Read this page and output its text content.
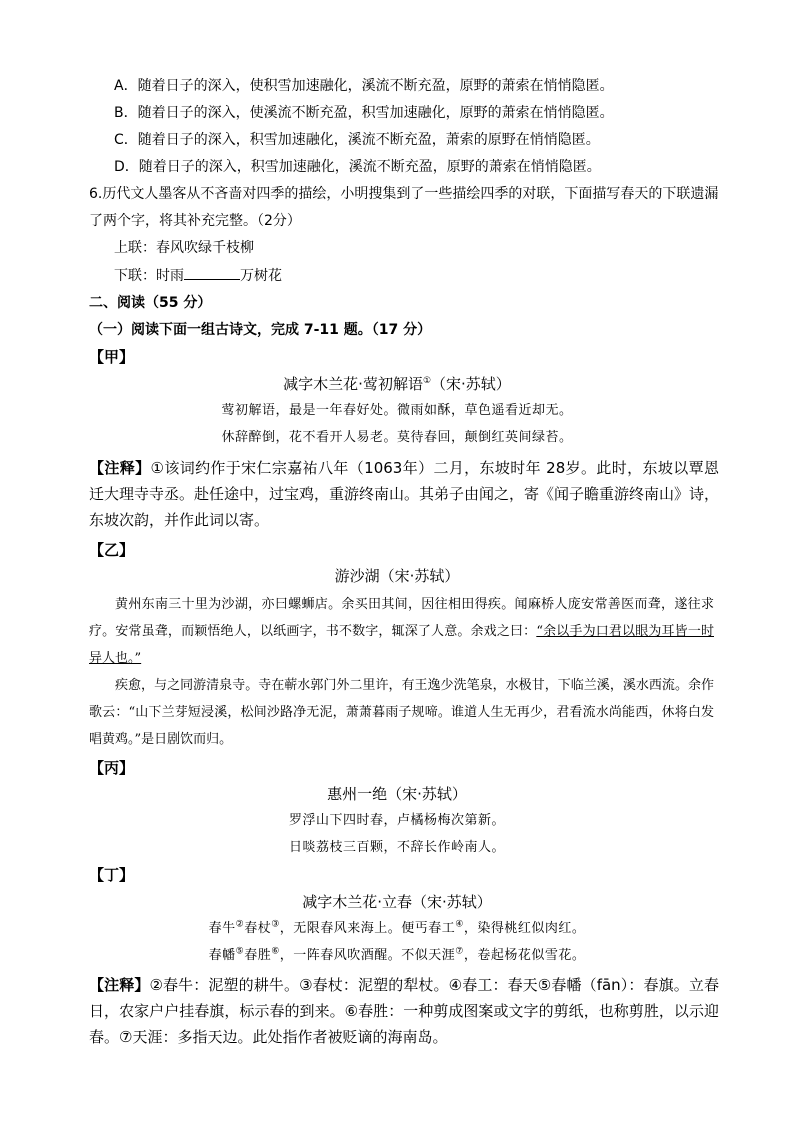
A．随着日子的深入，使积雪加速融化，溪流不断充盈，原野的萧索在悄悄隐匿。
B．随着日子的深入，使溪流不断充盈，积雪加速融化，原野的萧索在悄悄隐匿。
C．随着日子的深入，积雪加速融化，溪流不断充盈，萧索的原野在悄悄隐匿。
D．随着日子的深入，积雪加速融化，溪流不断充盈，原野的萧索在悄悄隐匿。
6.历代文人墨客从不吝啬对四季的描绘，小明搜集到了一些描绘四季的对联，下面描写春天的下联遗漏
了两个字，将其补充完整。（2分）
上联：春风吹绿千枝柳
下联：时雨	万树花
二、阅读（55 分）
（一）阅读下面一组古诗文，完成 7-11 题。（17 分）
【甲】
减字木兰花·莺初解语①（宋·苏轼）
莺初解语，最是一年春好处。微雨如酥，草色遥看近却无。
休辞醉倒，花不看开人易老。莫待春回，颠倒红英间绿苔。
【注释】①该词约作于宋仁宗嘉祐八年（1063年）二月，东坡时年 28岁。此时，东坡以覃恩迁大理寺寺丞。赴任途中，过宝鸡，重游终南山。其弟子由闻之，寄《闻子瞻重游终南山》诗，东坡次韵，并作此词以寄。
【乙】
游沙湖（宋·苏轼）
黄州东南三十里为沙湖，亦曰螺蛳店。余买田其间，因往相田得疾。闻麻桥人庞安常善医而聋，遂往求疗。安常虽聋，而颖悟绝人，以纸画字，书不数字，辄深了人意。余戏之曰：“余以手为口君以眼为耳皆一时异人也。”
疾愈，与之同游清泉寺。寺在蕲水郭门外二里许，有王逸少洗笔泉，水极甘，下临兰溪，溪水西流。余作歌云：“山下兰芽短浸溪，松间沙路净无泥，萧萧暮雨子规啼。谁道人生无再少，君看流水尚能西，休将白发唱黄鸡。”是日剧饮而归。
【丙】
惠州一绝（宋·苏轼）
罗浮山下四时春，卢橘杨梅次第新。
日啖荔枝三百颗，不辞长作岭南人。
【丁】
减字木兰花·立春（宋·苏轼）
春牛②春杖③，无限春风来海上。便丐春工④，染得桃红似肉红。
春幡⑤春胜⑥，一阵春风吹酒醒。不似天涯⑦，卷起杨花似雪花。
【注释】②春牛：泥塑的耕牛。③春杖：泥塑的犁杖。④春工：春天⑤春幡（fān）：春旗。立春日，农家户户挂春旗，标示春的到来。⑥春胜：一种剪成图案或文字的剪纸，也称剪胜，以示迎春。⑦天涯：多指天边。此处指作者被贬谪的海南岛。
